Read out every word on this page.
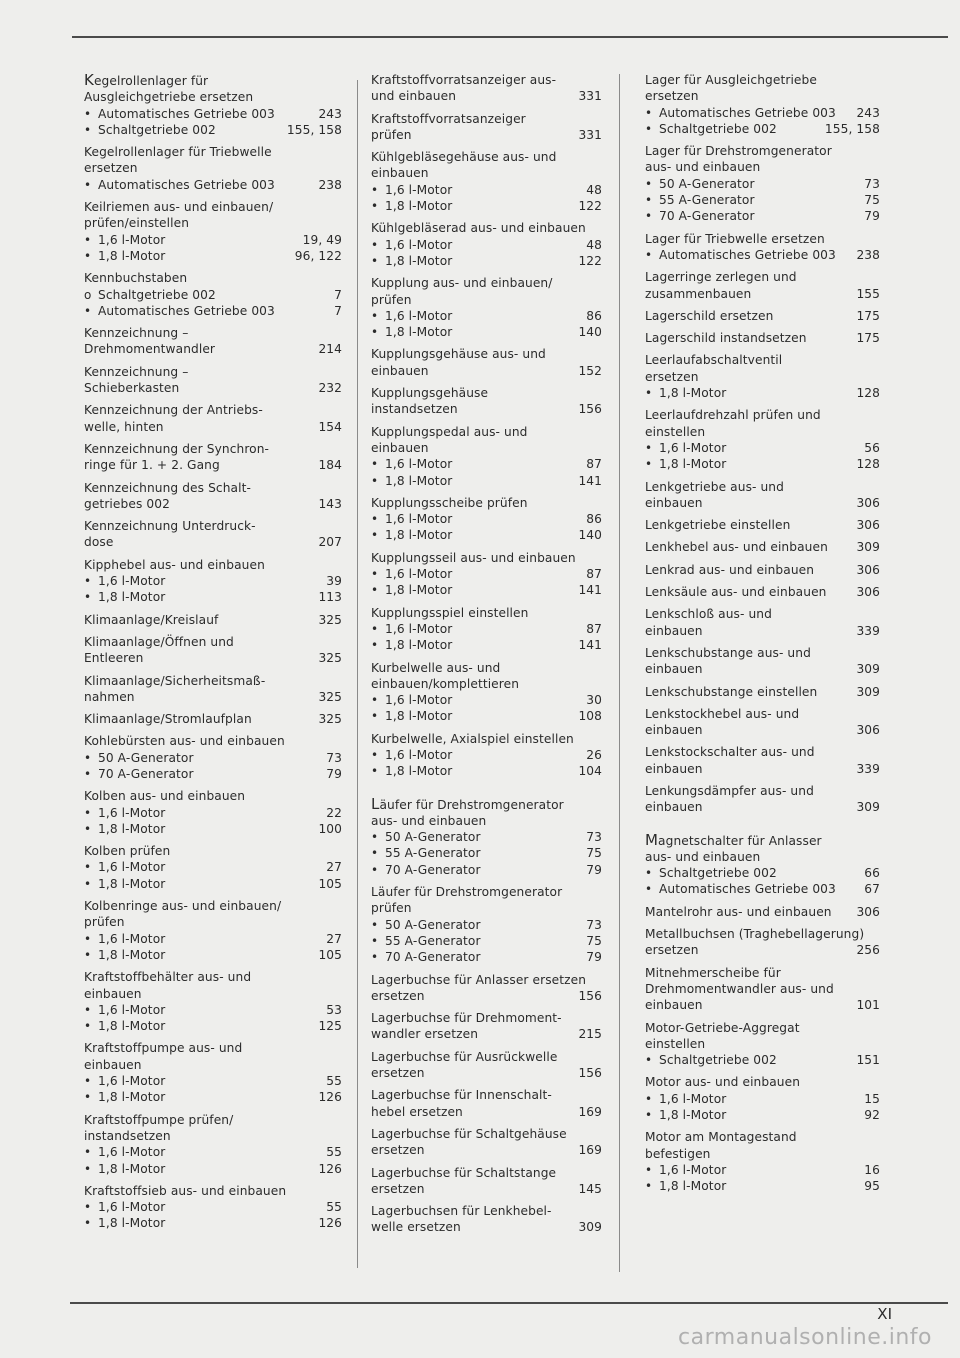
Kegelrollenlager für
Ausgleichgetriebe ersetzen
• Automatisches Getriebe 003	243
• Schaltgetriebe 002	155, 158
Kegelrollenlager für Triebwelle
ersetzen
• Automatisches Getriebe 003	238
Keilriemen aus- und einbauen/
prüfen/einstellen
• 1,6 l-Motor	19, 49
• 1,8 l-Motor	96, 122
Kennbuchstaben
o Schaltgetriebe 002	7
• Automatisches Getriebe 003	7
Kennzeichnung –
Drehmomentwandler	214
Kennzeichnung –
Schieberkasten	232
Kennzeichnung der Antriebs-
welle, hinten	154
Kennzeichnung der Synchron-
ringe für 1. + 2. Gang	184
Kennzeichnung des Schalt-
getriebes 002	143
Kennzeichnung Unterdruck-
dose	207
Kipphebel aus- und einbauen
• 1,6 l-Motor	39
• 1,8 l-Motor	113
Klimaanlage/Kreislauf	325
Klimaanlage/Öffnen und
Entleeren	325
Klimaanlage/Sicherheitsmaß-
nahmen	325
Klimaanlage/Stromlaufplan	325
Kohlebürsten aus- und einbauen
• 50 A-Generator	73
• 70 A-Generator	79
Kolben aus- und einbauen
• 1,6 l-Motor	22
• 1,8 l-Motor	100
Kolben prüfen
• 1,6 l-Motor	27
• 1,8 l-Motor	105
Kolbenringe aus- und einbauen/
prüfen
• 1,6 l-Motor	27
• 1,8 l-Motor	105
Kraftstoffbehälter aus- und
einbauen
• 1,6 l-Motor	53
• 1,8 l-Motor	125
Kraftstoffpumpe aus- und
einbauen
• 1,6 l-Motor	55
• 1,8 l-Motor	126
Kraftstoffpumpe prüfen/
instandsetzen
• 1,6 l-Motor	55
• 1,8 l-Motor	126
Kraftstoffsieb aus- und einbauen
• 1,6 l-Motor	55
• 1,8 l-Motor	126
Kraftstoffvorratsanzeiger aus-
und einbauen	331
Kraftstoffvorratsanzeiger
prüfen	331
Kühlgebläsegehäuse aus- und
einbauen
• 1,6 l-Motor	48
• 1,8 l-Motor	122
Kühlgebläserad aus- und einbauen
• 1,6 l-Motor	48
• 1,8 l-Motor	122
Kupplung aus- und einbauen/
prüfen
• 1,6 l-Motor	86
• 1,8 l-Motor	140
Kupplungsgehäuse aus- und
einbauen	152
Kupplungsgehäuse
instandsetzen	156
Kupplungspedal aus- und
einbauen
• 1,6 l-Motor	87
• 1,8 l-Motor	141
Kupplungsscheibe prüfen
• 1,6 l-Motor	86
• 1,8 l-Motor	140
Kupplungsseil aus- und einbauen
• 1,6 l-Motor	87
• 1,8 l-Motor	141
Kupplungsspiel einstellen
• 1,6 l-Motor	87
• 1,8 l-Motor	141
Kurbelwelle aus- und
einbauen/komplettieren
• 1,6 l-Motor	30
• 1,8 l-Motor	108
Kurbelwelle, Axialspiel einstellen
• 1,6 l-Motor	26
• 1,8 l-Motor	104
Läufer für Drehstromgenerator
aus- und einbauen
• 50 A-Generator	73
• 55 A-Generator	75
• 70 A-Generator	79
Läufer für Drehstromgenerator
prüfen
• 50 A-Generator	73
• 55 A-Generator	75
• 70 A-Generator	79
Lagerbuchse für Anlasser ersetzen
ersetzen	156
Lagerbuchse für Drehmoment-
wandler ersetzen	215
Lagerbuchse für Ausrückwelle
ersetzen	156
Lagerbuchse für Innenschalt-
hebel ersetzen	169
Lagerbuchse für Schaltgehäuse
ersetzen	169
Lagerbuchse für Schaltstange
ersetzen	145
Lagerbuchsen für Lenkhebel-
welle ersetzen	309
Lager für Ausgleichgetriebe
ersetzen
• Automatisches Getriebe 003	243
• Schaltgetriebe 002	155, 158
Lager für Drehstromgenerator
aus- und einbauen
• 50 A-Generator	73
• 55 A-Generator	75
• 70 A-Generator	79
Lager für Triebwelle ersetzen
• Automatisches Getriebe 003	238
Lagerringe zerlegen und
zusammenbauen	155
Lagerschild ersetzen	175
Lagerschild instandsetzen	175
Leerlaufabschaltventil
ersetzen
• 1,8 l-Motor	128
Leerlaufdrehzahl prüfen und
einstellen
• 1,6 l-Motor	56
• 1,8 l-Motor	128
Lenkgetriebe aus- und
einbauen	306
Lenkgetriebe einstellen	306
Lenkhebel aus- und einbauen	309
Lenkrad aus- und einbauen	306
Lenksäule aus- und einbauen	306
Lenkschloß aus- und
einbauen	339
Lenkschubstange aus- und
einbauen	309
Lenkschubstange einstellen	309
Lenkstockhebel aus- und
einbauen	306
Lenkstockschalter aus- und
einbauen	339
Lenkungsdämpfer aus- und
einbauen	309
Magnetschalter für Anlasser
aus- und einbauen
• Schaltgetriebe 002	66
• Automatisches Getriebe 003	67
Mantelrohr aus- und einbauen	306
Metallbuchsen (Traghebellagerung)
ersetzen	256
Mitnehmerscheibe für
Drehmomentwandler aus- und
einbauen	101
Motor-Getriebe-Aggregat
einstellen
• Schaltgetriebe 002	151
Motor aus- und einbauen
• 1,6 l-Motor	15
• 1,8 l-Motor	92
Motor am Montagestand
befestigen
• 1,6 l-Motor	16
• 1,8 l-Motor	95
XI
carmanualsonline.info
